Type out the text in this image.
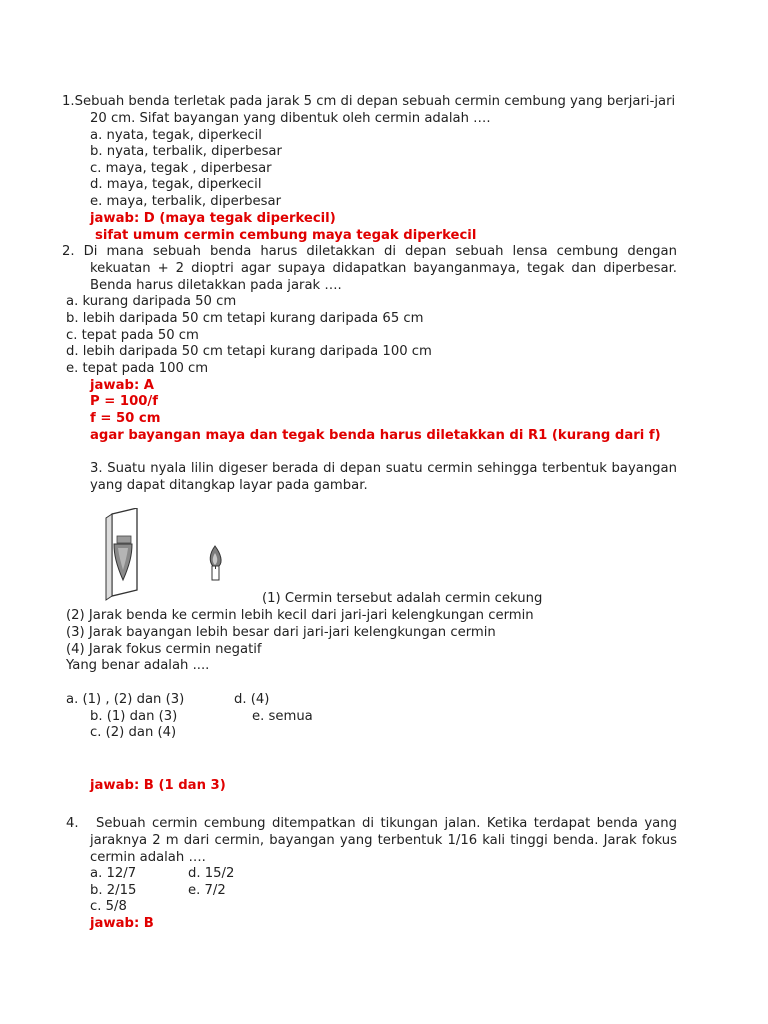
1.Sebuah benda terletak pada jarak 5 cm di depan sebuah cermin cembung yang berjari-jari
20 cm. Sifat bayangan yang dibentuk oleh cermin adalah ….
a. nyata, tegak, diperkecil
b. nyata, terbalik, diperbesar
c. maya, tegak , diperbesar
d. maya, tegak, diperkecil
e. maya, terbalik, diperbesar
jawab: D (maya tegak diperkecil)
sifat umum cermin cembung maya tegak diperkecil
2. Di mana sebuah benda harus diletakkan di depan sebuah lensa cembung dengan
kekuatan + 2 dioptri agar supaya didapatkan bayanganmaya, tegak dan diperbesar.
Benda harus diletakkan pada jarak ….
a. kurang daripada 50 cm
b. lebih daripada 50 cm tetapi kurang daripada 65 cm
c. tepat pada 50 cm
d. lebih daripada 50 cm tetapi kurang daripada 100 cm
e. tepat pada 100 cm
jawab: A
P = 100/f
f = 50 cm
agar bayangan maya dan tegak benda harus diletakkan di R1 (kurang dari f)
3. Suatu nyala lilin digeser berada di depan suatu cermin sehingga terbentuk bayangan
yang dapat ditangkap layar pada gambar.
(1) Cermin tersebut adalah cermin cekung
(2) Jarak benda ke cermin lebih kecil dari jari-jari kelengkungan cermin
(3) Jarak bayangan lebih besar dari jari-jari kelengkungan cermin
(4) Jarak fokus cermin negatif
Yang benar adalah ....
a. (1) , (2) dan (3)	d. (4)
b. (1) dan (3)	e. semua
c. (2) dan (4)
jawab: B (1 dan 3)
4. Sebuah cermin cembung ditempatkan di tikungan jalan. Ketika terdapat benda yang
jaraknya 2 m dari cermin, bayangan yang terbentuk 1/16 kali tinggi benda. Jarak fokus
cermin adalah ….
a. 12/7	d. 15/2
b. 2/15	e. 7/2
c. 5/8
jawab: B
